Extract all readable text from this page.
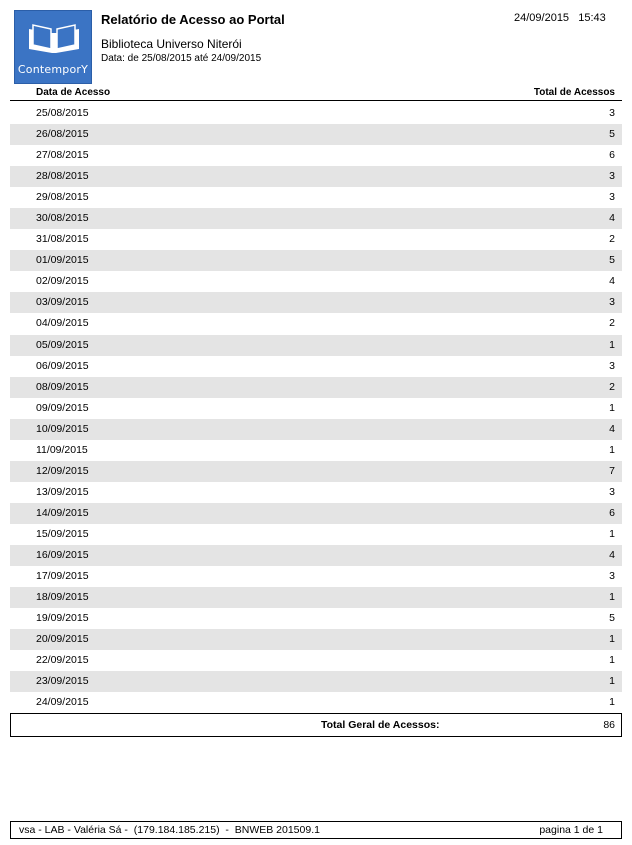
ContemporY
Relatório de Acesso ao Portal
Biblioteca Universo Niterói
Data: de 25/08/2015 até 24/09/2015
24/09/2015   15:43
Data de Acesso	Total de Acessos
25/08/2015	3
26/08/2015	5
27/08/2015	6
28/08/2015	3
29/08/2015	3
30/08/2015	4
31/08/2015	2
01/09/2015	5
02/09/2015	4
03/09/2015	3
04/09/2015	2
05/09/2015	1
06/09/2015	3
08/09/2015	2
09/09/2015	1
10/09/2015	4
11/09/2015	1
12/09/2015	7
13/09/2015	3
14/09/2015	6
15/09/2015	1
16/09/2015	4
17/09/2015	3
18/09/2015	1
19/09/2015	5
20/09/2015	1
22/09/2015	1
23/09/2015	1
24/09/2015	1
Total Geral de Acessos:	86
vsa - LAB - Valéria Sá -  (179.184.185.215)  -  BNWEB 201509.1	pagina 1 de 1
